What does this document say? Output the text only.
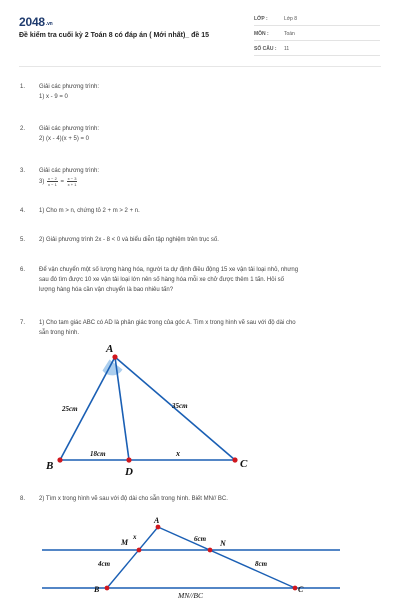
2048.vn
Đề kiểm tra cuối kỳ 2 Toán 8 có đáp án ( Mới nhất)_ đề 15
LỚP :	Lớp 8
MÔN :	Toán
SỐ CÂU : 11
1.	Giải các phương trình:
1) x - 9 = 0
2.	Giải các phương trình:
2) (x - 4)(x + 5) = 0
3.	Giải các phương trình:
$3) \frac{x - 2}{x - 1} = \frac{x - 3}{x + 1}$
4.	1) Cho m > n, chứng tỏ 2 + m > 2 + n.
5.	2) Giải phương trình 2x - 8 < 0 và biểu diễn tập nghiệm trên trục số.
6.	Để vận chuyển một số lượng hàng hóa, người ta dự định điều động 15 xe vận tải loại nhỏ, nhưng
sau đó tìm được 10 xe vận tải loại lớn nên số hàng hóa mỗi xe chở được thêm 1 tấn. Hỏi số
lượng hàng hóa cần vận chuyển là bao nhiêu tấn?
7.	1) Cho tam giác ABC có AD là phân giác trong của góc A. Tìm x trong hình vẽ sau với độ dài cho
sẵn trong hình.
A
B	C
D
25cm	35cm
18cm	x
8.	2) Tìm x trong hình vẽ sau với độ dài cho sẵn trong hình. Biết MN// BC.
A
M
x
N
6cm
4cm	8cm
B	C
MN//BC
